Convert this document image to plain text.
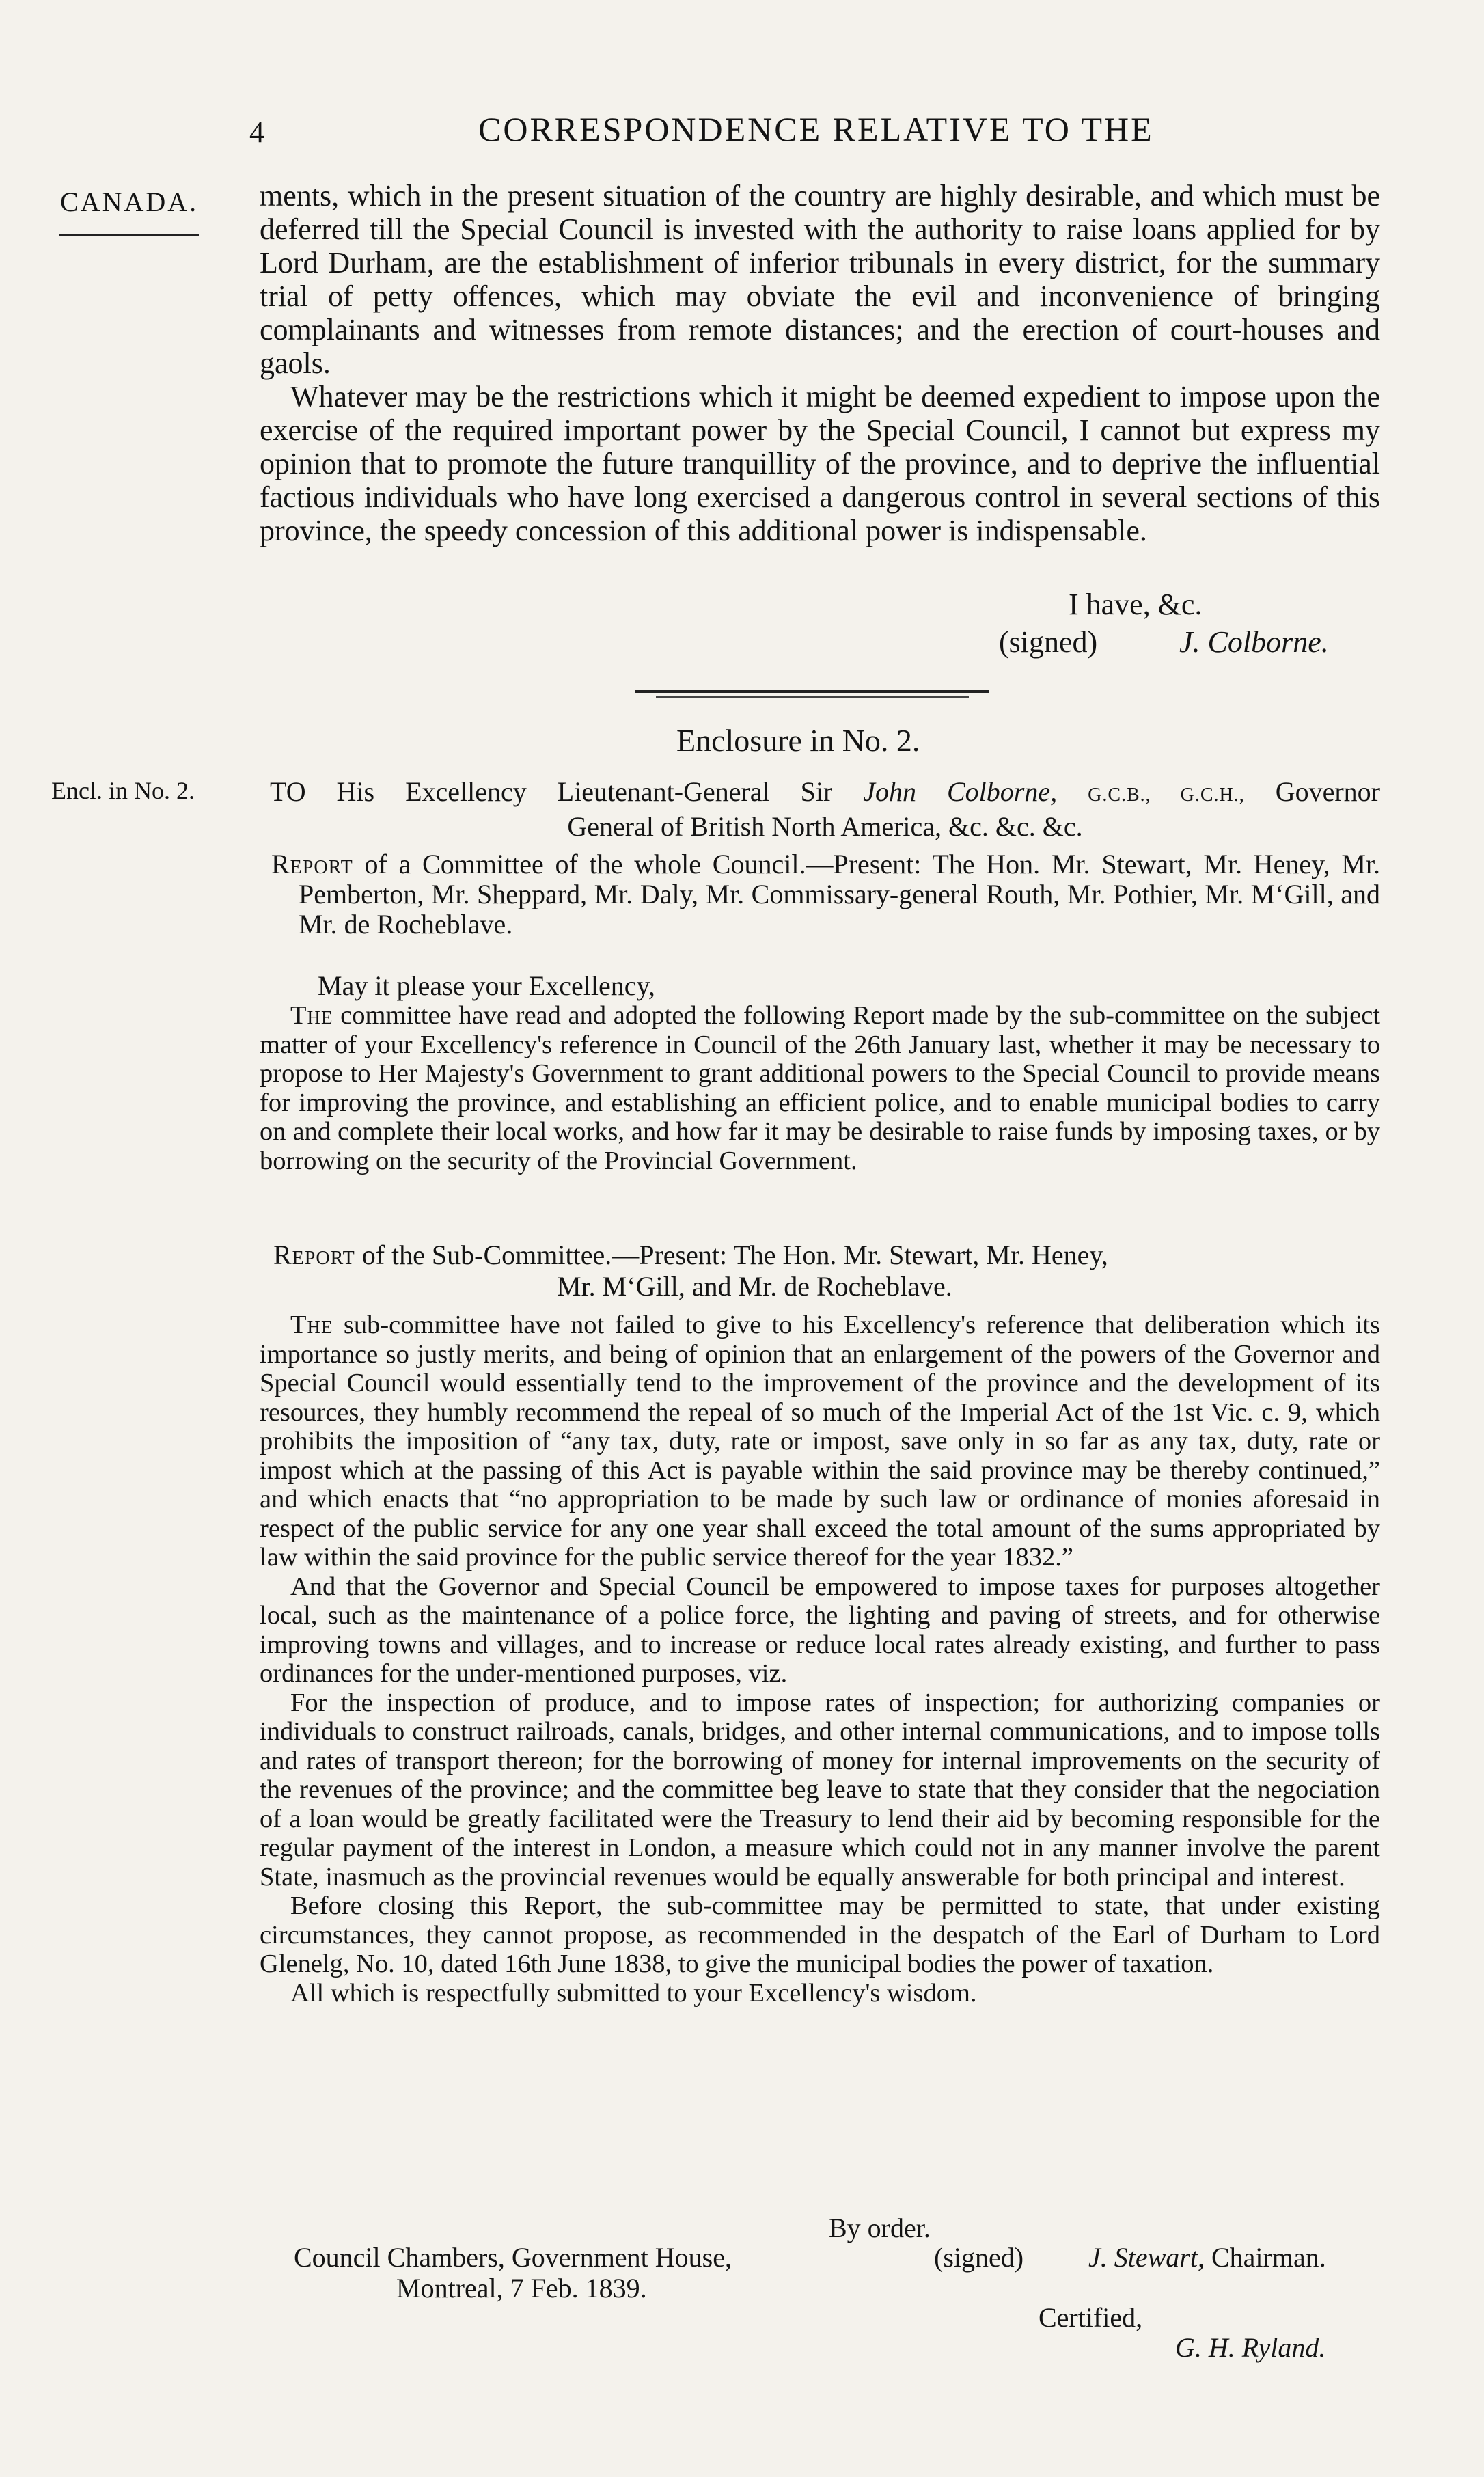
4	CORRESPONDENCE RELATIVE TO THE
CANADA. ments, which in the present situation of the country are highly desirable, and which must be deferred till the Special Council is invested with the authority to raise loans applied for by Lord Durham, are the establishment of inferior tribunals in every district, for the summary trial of petty offences, which may obviate the evil and inconvenience of bringing complainants and witnesses from remote distances; and the erection of court-houses and gaols.

Whatever may be the restrictions which it might be deemed expedient to impose upon the exercise of the required important power by the Special Council, I cannot but express my opinion that to promote the future tranquillity of the province, and to deprive the influential factious individuals who have long exercised a dangerous control in several sections of this province, the speedy concession of this additional power is indispensable.

I have, &c.
(signed)	J. Colborne.
Enclosure in No. 2.
Encl. in No. 2.	TO His Excellency Lieutenant-General Sir John Colborne, G.C.B., G.C.H., Governor
General of British North America, &c. &c. &c.
Report of a Committee of the whole Council.—Present: The Hon. Mr. Stewart, Mr. Heney, Mr. Pemberton, Mr. Sheppard, Mr. Daly, Mr. Commissary-general Routh, Mr. Pothier, Mr. M‘Gill, and Mr. de Rocheblave.
May it please your Excellency,

The committee have read and adopted the following Report made by the sub-committee on the subject matter of your Excellency's reference in Council of the 26th January last, whether it may be necessary to propose to Her Majesty's Government to grant additional powers to the Special Council to provide means for improving the province, and establishing an efficient police, and to enable municipal bodies to carry on and complete their local works, and how far it may be desirable to raise funds by imposing taxes, or by borrowing on the security of the Provincial Government.

Report of the Sub-Committee.—Present: The Hon. Mr. Stewart, Mr. Heney,
Mr. M‘Gill, and Mr. de Rocheblave.

The sub-committee have not failed to give to his Excellency's reference that deliberation which its importance so justly merits, and being of opinion that an enlargement of the powers of the Governor and Special Council would essentially tend to the improvement of the province and the development of its resources, they humbly recommend the repeal of so much of the Imperial Act of the 1st Vic. c. 9, which prohibits the imposition of “any tax, duty, rate or impost, save only in so far as any tax, duty, rate or impost which at the passing of this Act is payable within the said province may be thereby continued,” and which enacts that “no appropriation to be made by such law or ordinance of monies aforesaid in respect of the public service for any one year shall exceed the total amount of the sums appropriated by law within the said province for the public service thereof for the year 1832.”

And that the Governor and Special Council be empowered to impose taxes for purposes altogether local, such as the maintenance of a police force, the lighting and paving of streets, and for otherwise improving towns and villages, and to increase or reduce local rates already existing, and further to pass ordinances for the under-mentioned purposes, viz.

For the inspection of produce, and to impose rates of inspection; for authorizing companies or individuals to construct railroads, canals, bridges, and other internal communications, and to impose tolls and rates of transport thereon; for the borrowing of money for internal improvements on the security of the revenues of the province; and the committee beg leave to state that they consider that the negociation of a loan would be greatly facilitated were the Treasury to lend their aid by becoming responsible for the regular payment of the interest in London, a measure which could not in any manner involve the parent State, inasmuch as the provincial revenues would be equally answerable for both principal and interest.

Before closing this Report, the sub-committee may be permitted to state, that under existing circumstances, they cannot propose, as recommended in the despatch of the Earl of Durham to Lord Glenelg, No. 10, dated 16th June 1838, to give the municipal bodies the power of taxation.

All which is respectfully submitted to your Excellency's wisdom.

By order.
Council Chambers, Government House,
Montreal, 7 Feb. 1839.
(signed) J. Stewart, Chairman.
Certified,
G. H. Ryland.
